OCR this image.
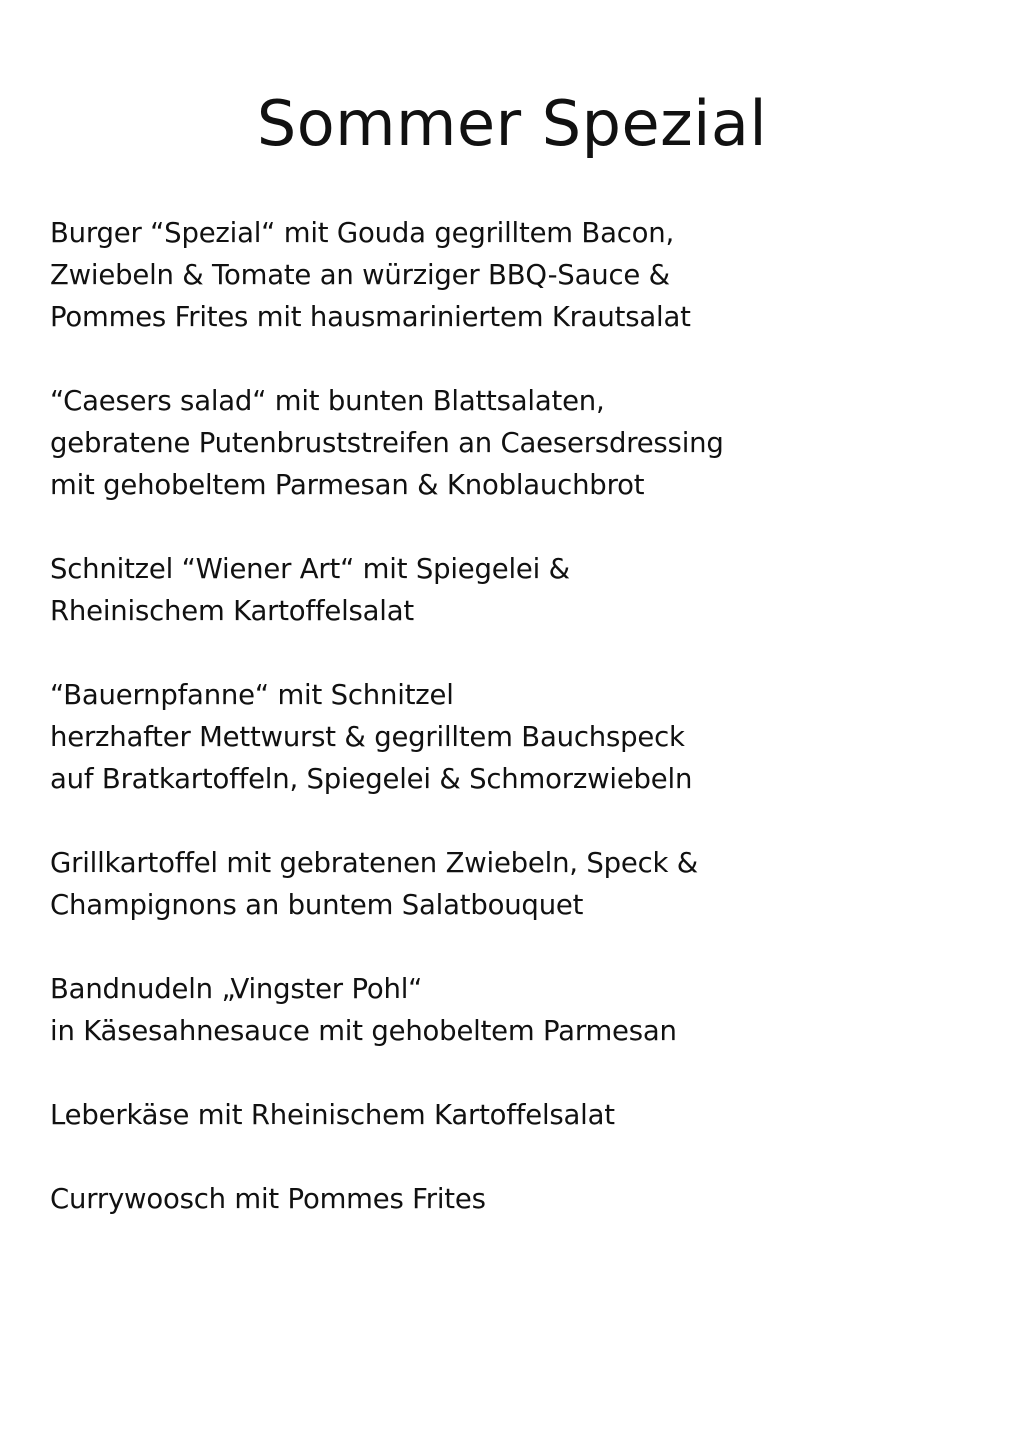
Sommer Spezial
Burger “Spezial“ mit Gouda gegrilltem Bacon,
Zwiebeln & Tomate an würziger BBQ-Sauce &
Pommes Frites mit hausmariniertem Krautsalat
“Caesers salad“ mit bunten Blattsalaten,
gebratene Putenbruststreifen an Caesersdressing
mit gehobeltem Parmesan & Knoblauchbrot
Schnitzel “Wiener Art“ mit Spiegelei &
Rheinischem Kartoffelsalat
“Bauernpfanne“ mit Schnitzel
herzhafter Mettwurst & gegrilltem Bauchspeck
auf Bratkartoffeln, Spiegelei & Schmorzwiebeln
Grillkartoffel mit gebratenen Zwiebeln, Speck &
Champignons an buntem Salatbouquet
Bandnudeln „Vingster Pohl“
in Käsesahnesauce mit gehobeltem Parmesan
Leberkäse mit Rheinischem Kartoffelsalat
Currywoosch mit Pommes Frites
